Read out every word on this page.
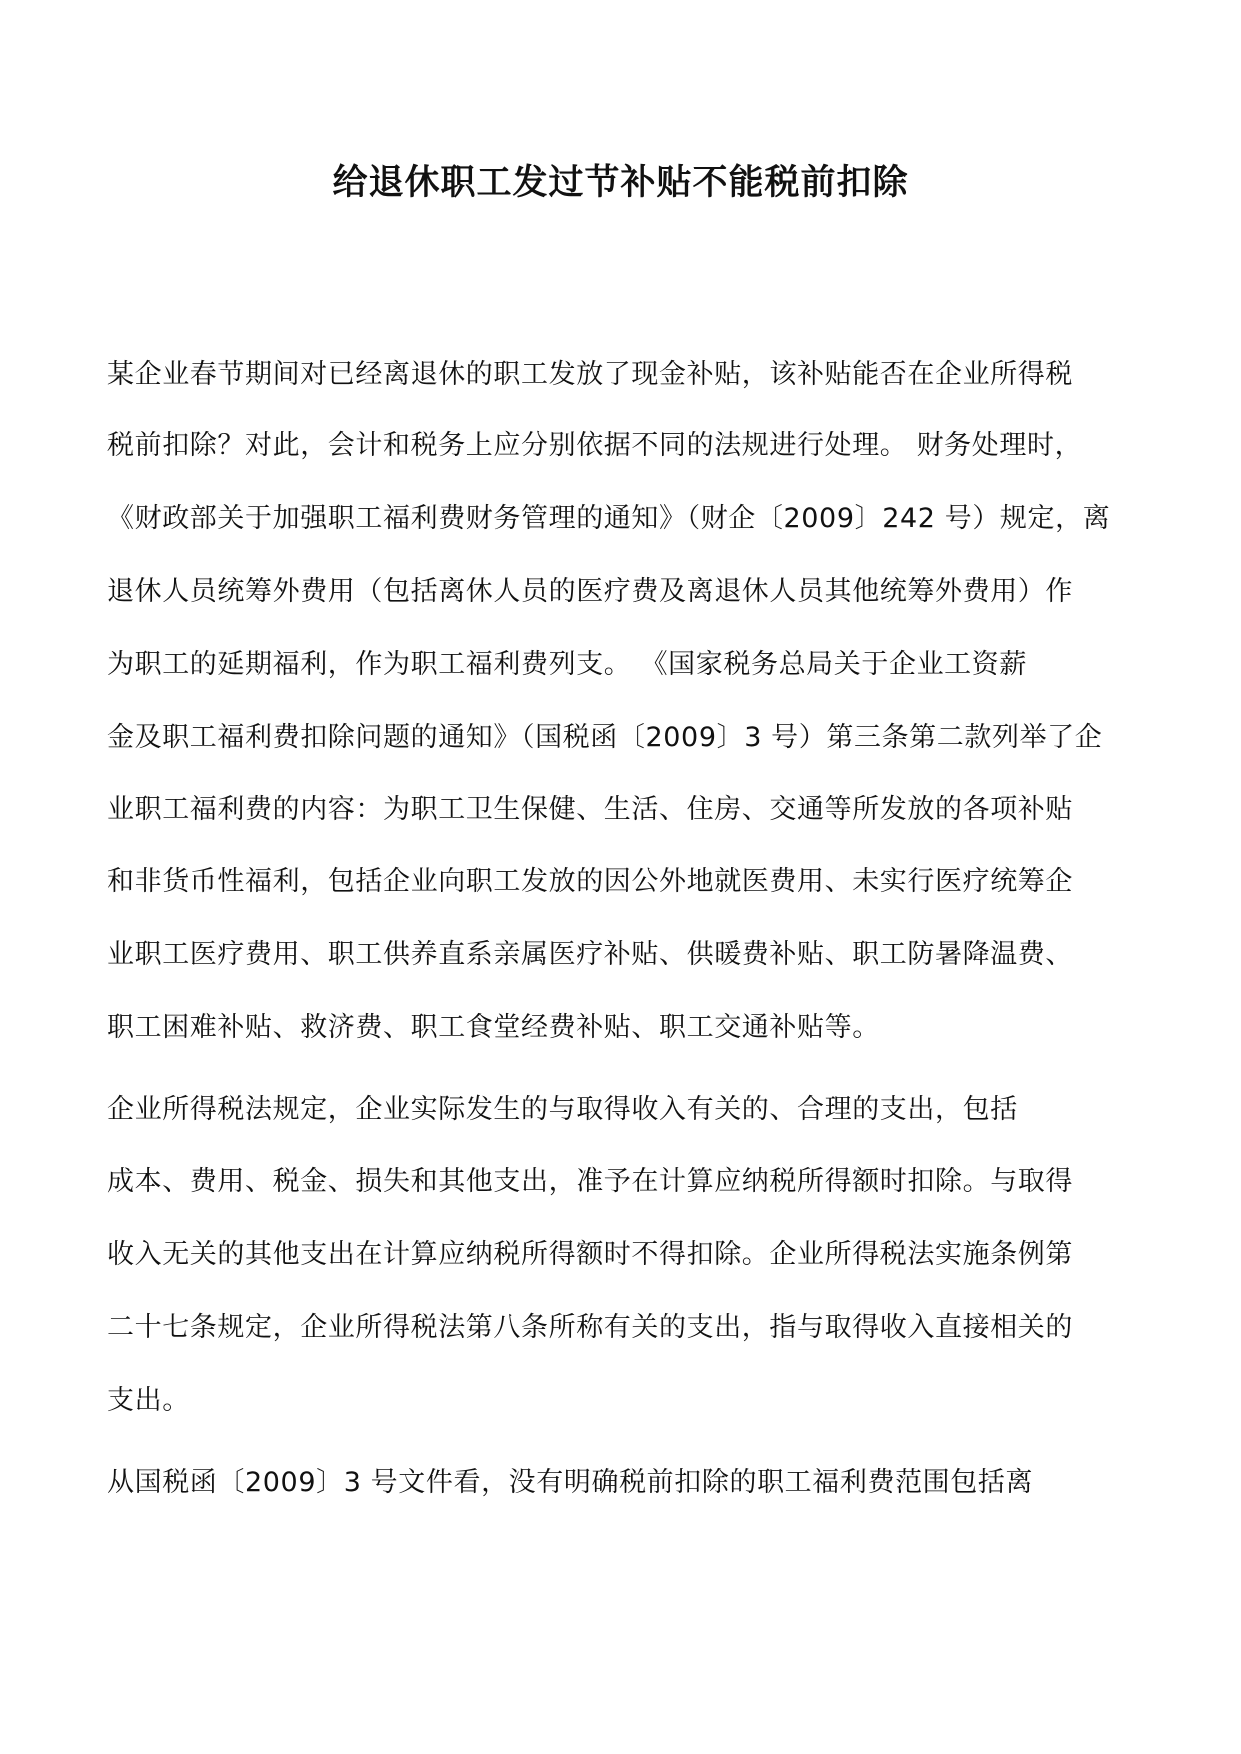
给退休职工发过节补贴不能税前扣除
某企业春节期间对已经离退休的职工发放了现金补贴，该补贴能否在企业所得税
税前扣除？对此，会计和税务上应分别依据不同的法规进行处理。 财务处理时，
《财政部关于加强职工福利费财务管理的通知》（财企〔2009〕242 号）规定，离
退休人员统筹外费用（包括离休人员的医疗费及离退休人员其他统筹外费用）作
为职工的延期福利，作为职工福利费列支。 《国家税务总局关于企业工资薪
金及职工福利费扣除问题的通知》（国税函〔2009〕3 号）第三条第二款列举了企
业职工福利费的内容：为职工卫生保健、生活、住房、交通等所发放的各项补贴
和非货币性福利，包括企业向职工发放的因公外地就医费用、未实行医疗统筹企
业职工医疗费用、职工供养直系亲属医疗补贴、供暖费补贴、职工防暑降温费、
职工困难补贴、救济费、职工食堂经费补贴、职工交通补贴等。
企业所得税法规定，企业实际发生的与取得收入有关的、合理的支出，包括
成本、费用、税金、损失和其他支出，准予在计算应纳税所得额时扣除。与取得
收入无关的其他支出在计算应纳税所得额时不得扣除。企业所得税法实施条例第
二十七条规定，企业所得税法第八条所称有关的支出，指与取得收入直接相关的
支出。
从国税函〔2009〕3 号文件看，没有明确税前扣除的职工福利费范围包括离
